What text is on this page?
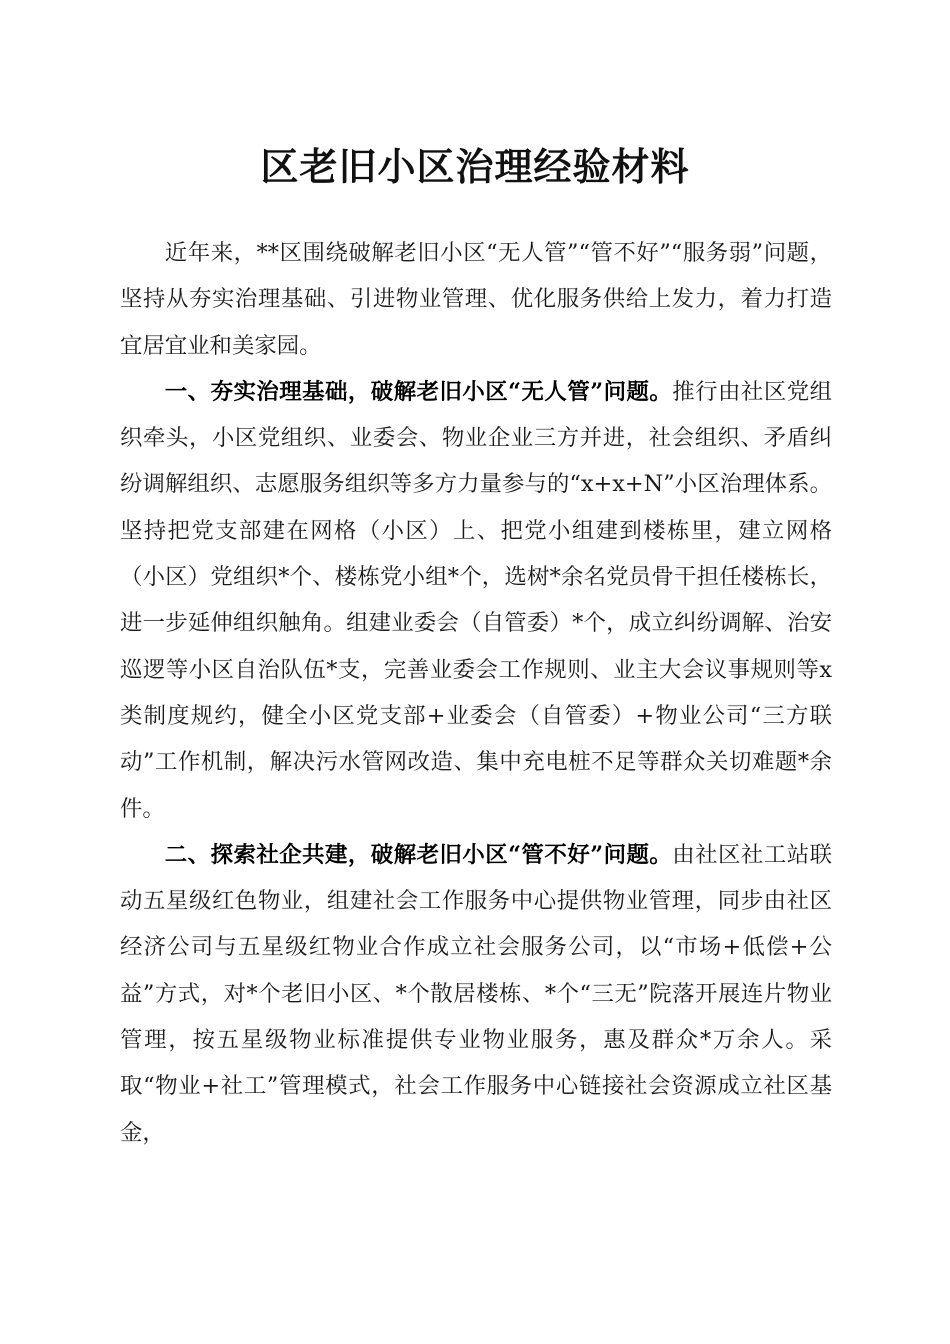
区老旧小区治理经验材料

近年来，**区围绕破解老旧小区“无人管”“管不好”“服务弱”问题，坚持从夯实治理基础、引进物业管理、优化服务供给上发力，着力打造宜居宜业和美家园。

一、夯实治理基础，破解老旧小区“无人管”问题。推行由社区党组织牵头，小区党组织、业委会、物业企业三方并进，社会组织、矛盾纠纷调解组织、志愿服务组织等多方力量参与的“x+x+N”小区治理体系。坚持把党支部建在网格（小区）上、把党小组建到楼栋里，建立网格（小区）党组织*个、楼栋党小组*个，选树*余名党员骨干担任楼栋长，进一步延伸组织触角。组建业委会（自管委）*个，成立纠纷调解、治安巡逻等小区自治队伍*支，完善业委会工作规则、业主大会议事规则等x类制度规约，健全小区党支部+业委会（自管委）+物业公司“三方联动”工作机制，解决污水管网改造、集中充电桩不足等群众关切难题*余件。

二、探索社企共建，破解老旧小区“管不好”问题。由社区社工站联动五星级红色物业，组建社会工作服务中心提供物业管理，同步由社区经济公司与五星级红物业合作成立社会服务公司，以“市场+低偿+公益”方式，对*个老旧小区、*个散居楼栋、*个“三无”院落开展连片物业管理，按五星级物业标准提供专业物业服务，惠及群众*万余人。采取“物业+社工”管理模式，社会工作服务中心链接社会资源成立社区基金，
